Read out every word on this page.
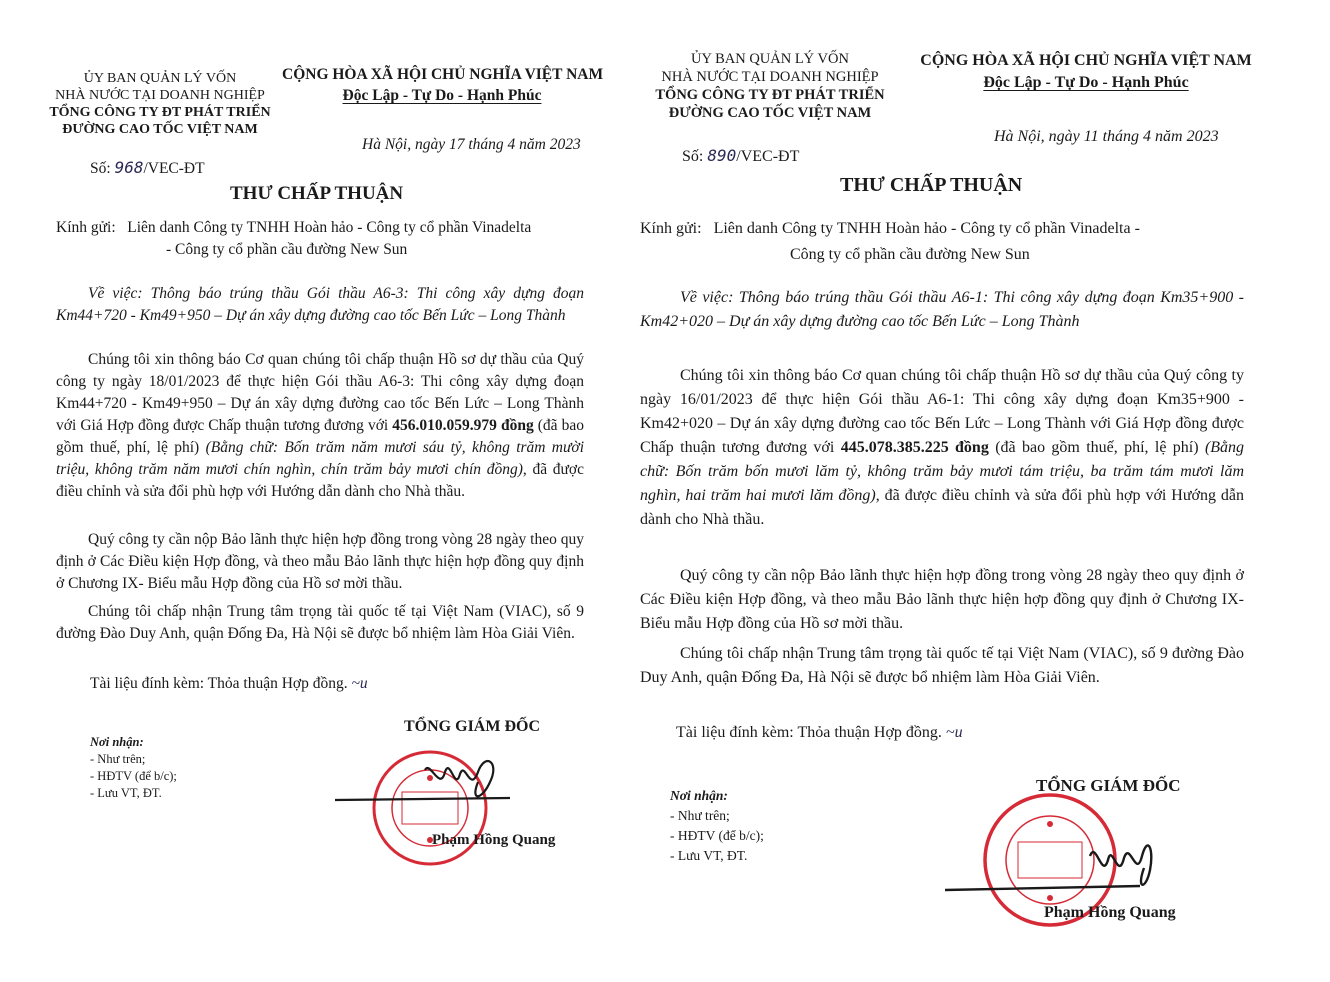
ỦY BAN QUẢN LÝ VỐN
NHÀ NƯỚC TẠI DOANH NGHIỆP
TỔNG CÔNG TY ĐT PHÁT TRIỂN
ĐƯỜNG CAO TỐC VIỆT NAM
CỘNG HÒA XÃ HỘI CHỦ NGHĨA VIỆT NAM
Độc Lập - Tự Do - Hạnh Phúc
Hà Nội, ngày 17 tháng 4 năm 2023
Số: 968/VEC-ĐT
THƯ CHẤP THUẬN
Kính gửi: Liên danh Công ty TNHH Hoàn hảo - Công ty cổ phần Vinadelta
- Công ty cổ phần cầu đường New Sun
Về việc: Thông báo trúng thầu Gói thầu A6-3: Thi công xây dựng đoạn Km44+720 - Km49+950 – Dự án xây dựng đường cao tốc Bến Lức – Long Thành
Chúng tôi xin thông báo Cơ quan chúng tôi chấp thuận Hồ sơ dự thầu của Quý công ty ngày 18/01/2023 để thực hiện Gói thầu A6-3: Thi công xây dựng đoạn Km44+720 - Km49+950 – Dự án xây dựng đường cao tốc Bến Lức – Long Thành với Giá Hợp đồng được Chấp thuận tương đương với 456.010.059.979 đồng (đã bao gồm thuế, phí, lệ phí) (Bằng chữ: Bốn trăm năm mươi sáu tỷ, không trăm mười triệu, không trăm năm mươi chín nghìn, chín trăm bảy mươi chín đồng), đã được điều chỉnh và sửa đổi phù hợp với Hướng dẫn dành cho Nhà thầu.
Quý công ty cần nộp Bảo lãnh thực hiện hợp đồng trong vòng 28 ngày theo quy định ở Các Điều kiện Hợp đồng, và theo mẫu Bảo lãnh thực hiện hợp đồng quy định ở Chương IX- Biểu mẫu Hợp đồng của Hồ sơ mời thầu.
Chúng tôi chấp nhận Trung tâm trọng tài quốc tế tại Việt Nam (VIAC), số 9 đường Đào Duy Anh, quận Đống Đa, Hà Nội sẽ được bổ nhiệm làm Hòa Giải Viên.
Tài liệu đính kèm: Thỏa thuận Hợp đồng. ~u
TỔNG GIÁM ĐỐC
Nơi nhận:
- Như trên;
- HĐTV (để b/c);
- Lưu VT, ĐT.
Phạm Hồng Quang
ỦY BAN QUẢN LÝ VỐN
NHÀ NƯỚC TẠI DOANH NGHIỆP
TỔNG CÔNG TY ĐT PHÁT TRIỂN
ĐƯỜNG CAO TỐC VIỆT NAM
CỘNG HÒA XÃ HỘI CHỦ NGHĨA VIỆT NAM
Độc Lập - Tự Do - Hạnh Phúc
Hà Nội, ngày 11 tháng 4 năm 2023
Số: 890/VEC-ĐT
THƯ CHẤP THUẬN
Kính gửi: Liên danh Công ty TNHH Hoàn hảo - Công ty cổ phần Vinadelta -
Công ty cổ phần cầu đường New Sun
Về việc: Thông báo trúng thầu Gói thầu A6-1: Thi công xây dựng đoạn Km35+900 - Km42+020 – Dự án xây dựng đường cao tốc Bến Lức – Long Thành
Chúng tôi xin thông báo Cơ quan chúng tôi chấp thuận Hồ sơ dự thầu của Quý công ty ngày 16/01/2023 để thực hiện Gói thầu A6-1: Thi công xây dựng đoạn Km35+900 - Km42+020 – Dự án xây dựng đường cao tốc Bến Lức – Long Thành với Giá Hợp đồng được Chấp thuận tương đương với 445.078.385.225 đồng (đã bao gồm thuế, phí, lệ phí) (Bằng chữ: Bốn trăm bốn mươi lăm tỷ, không trăm bảy mươi tám triệu, ba trăm tám mươi lăm nghìn, hai trăm hai mươi lăm đồng), đã được điều chỉnh và sửa đổi phù hợp với Hướng dẫn dành cho Nhà thầu.
Quý công ty cần nộp Bảo lãnh thực hiện hợp đồng trong vòng 28 ngày theo quy định ở Các Điều kiện Hợp đồng, và theo mẫu Bảo lãnh thực hiện hợp đồng quy định ở Chương IX- Biểu mẫu Hợp đồng của Hồ sơ mời thầu.
Chúng tôi chấp nhận Trung tâm trọng tài quốc tế tại Việt Nam (VIAC), số 9 đường Đào Duy Anh, quận Đống Đa, Hà Nội sẽ được bổ nhiệm làm Hòa Giải Viên.
Tài liệu đính kèm: Thỏa thuận Hợp đồng. ~u
TỔNG GIÁM ĐỐC
Nơi nhận:
- Như trên;
- HĐTV (để b/c);
- Lưu VT, ĐT.
Phạm Hồng Quang
